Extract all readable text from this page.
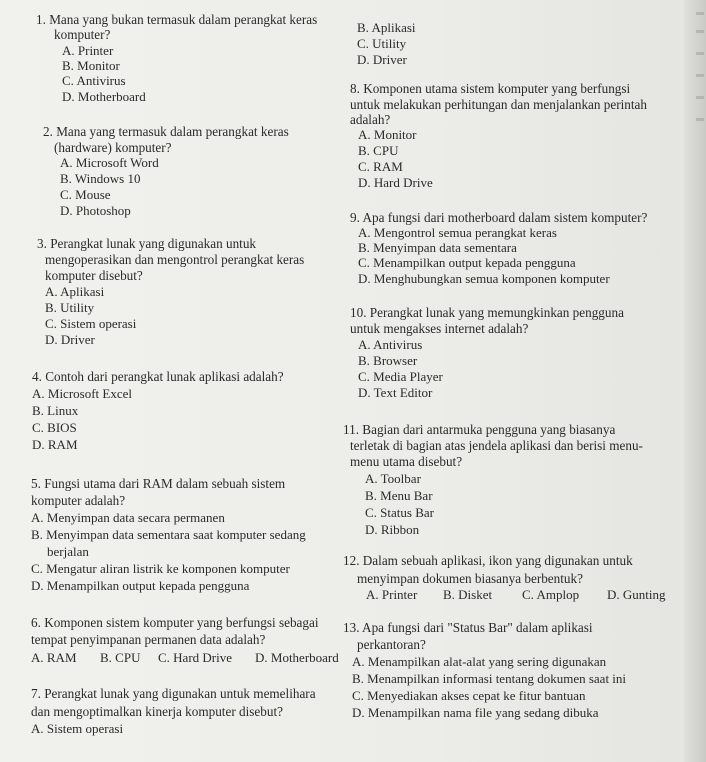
1. Mana yang bukan termasuk dalam perangkat keras
komputer?
A. Printer
B. Monitor
C. Antivirus
D. Motherboard
2. Mana yang termasuk dalam perangkat keras
(hardware) komputer?
A. Microsoft Word
B. Windows 10
C. Mouse
D. Photoshop
3. Perangkat lunak yang digunakan untuk
mengoperasikan dan mengontrol perangkat keras
komputer disebut?
A. Aplikasi
B. Utility
C. Sistem operasi
D. Driver
4. Contoh dari perangkat lunak aplikasi adalah?
A. Microsoft Excel
B. Linux
C. BIOS
D. RAM
5. Fungsi utama dari RAM dalam sebuah sistem
komputer adalah?
A. Menyimpan data secara permanen
B. Menyimpan data sementara saat komputer sedang
berjalan
C. Mengatur aliran listrik ke komponen komputer
D. Menampilkan output kepada pengguna
6. Komponen sistem komputer yang berfungsi sebagai
tempat penyimpanan permanen data adalah?
A. RAM B. CPU C. Hard Drive D. Motherboard
7. Perangkat lunak yang digunakan untuk memelihara
dan mengoptimalkan kinerja komputer disebut?
A. Sistem operasi
B. Aplikasi
C. Utility
D. Driver
8. Komponen utama sistem komputer yang berfungsi
untuk melakukan perhitungan dan menjalankan perintah
adalah?
A. Monitor
B. CPU
C. RAM
D. Hard Drive
9. Apa fungsi dari motherboard dalam sistem komputer?
A. Mengontrol semua perangkat keras
B. Menyimpan data sementara
C. Menampilkan output kepada pengguna
D. Menghubungkan semua komponen komputer
10. Perangkat lunak yang memungkinkan pengguna
untuk mengakses internet adalah?
A. Antivirus
B. Browser
C. Media Player
D. Text Editor
11. Bagian dari antarmuka pengguna yang biasanya
terletak di bagian atas jendela aplikasi dan berisi menu-
menu utama disebut?
A. Toolbar
B. Menu Bar
C. Status Bar
D. Ribbon
12. Dalam sebuah aplikasi, ikon yang digunakan untuk
menyimpan dokumen biasanya berbentuk?
A. Printer B. Disket C. Amplop D. Gunting
13. Apa fungsi dari "Status Bar" dalam aplikasi
perkantoran?
A. Menampilkan alat-alat yang sering digunakan
B. Menampilkan informasi tentang dokumen saat ini
C. Menyediakan akses cepat ke fitur bantuan
D. Menampilkan nama file yang sedang dibuka
